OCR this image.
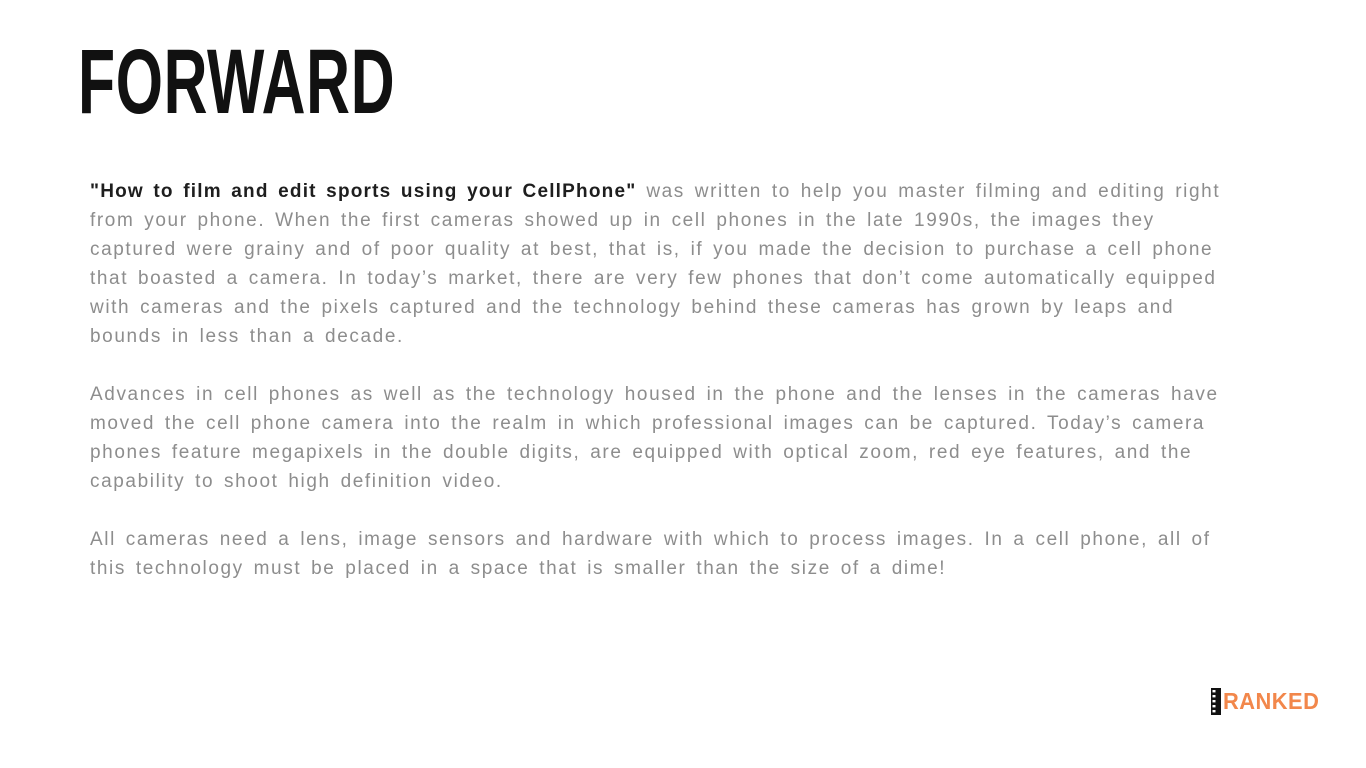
FORWARD

"How to film and edit sports using your CellPhone" was written to help you master filming and editing right from your phone. When the first cameras showed up in cell phones in the late 1990s, the images they captured were grainy and of poor quality at best, that is, if you made the decision to purchase a cell phone that boasted a camera. In today’s market, there are very few phones that don’t come automatically equipped with cameras and the pixels captured and the technology behind these cameras has grown by leaps and bounds in less than a decade.

Advances in cell phones as well as the technology housed in the phone and the lenses in the cameras have moved the cell phone camera into the realm in which professional images can be captured. Today’s camera phones feature megapixels in the double digits, are equipped with optical zoom, red eye features, and the capability to shoot high definition video.

All cameras need a lens, image sensors and hardware with which to process images. In a cell phone, all of this technology must be placed in a space that is smaller than the size of a dime!

RANKED
